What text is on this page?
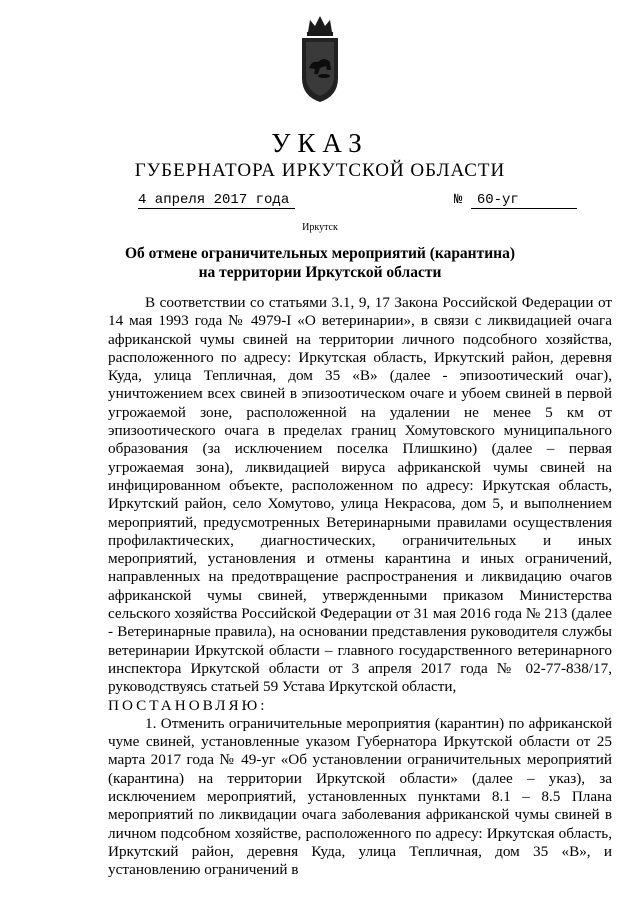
УКАЗ
ГУБЕРНАТОРА ИРКУТСКОЙ ОБЛАСТИ
4 апреля 2017 года	№ 60-уг
Иркутск
Об отмене ограничительных мероприятий (карантина)
на территории Иркутской области

В соответствии со статьями 3.1, 9, 17 Закона Российской Федерации от 14 мая 1993 года № 4979-I «О ветеринарии», в связи с ликвидацией очага африканской чумы свиней на территории личного подсобного хозяйства, расположенного по адресу: Иркутская область, Иркутский район, деревня Куда, улица Тепличная, дом 35 «В» (далее - эпизоотический очаг), уничтожением всех свиней в эпизоотическом очаге и убоем свиней в первой угрожаемой зоне, расположенной на удалении не менее 5 км от эпизоотического очага в пределах границ Хомутовского муниципального образования (за исключением поселка Плишкино) (далее – первая угрожаемая зона), ликвидацией вируса африканской чумы свиней на инфицированном объекте, расположенном по адресу: Иркутская область, Иркутский район, село Хомутово, улица Некрасова, дом 5, и выполнением мероприятий, предусмотренных Ветеринарными правилами осуществления профилактических, диагностических, ограничительных и иных мероприятий, установления и отмены карантина и иных ограничений, направленных на предотвращение распространения и ликвидацию очагов африканской чумы свиней, утвержденными приказом Министерства сельского хозяйства Российской Федерации от 31 мая 2016 года № 213 (далее - Ветеринарные правила), на основании представления руководителя службы ветеринарии Иркутской области – главного государственного ветеринарного инспектора Иркутской области от 3 апреля 2017 года № 02-77-838/17, руководствуясь статьей 59 Устава Иркутской области,

ПОСТАНОВЛЯЮ:

1. Отменить ограничительные мероприятия (карантин) по африканской чуме свиней, установленные указом Губернатора Иркутской области от 25 марта 2017 года № 49-уг «Об установлении ограничительных мероприятий (карантина) на территории Иркутской области» (далее – указ), за исключением мероприятий, установленных пунктами 8.1 – 8.5 Плана мероприятий по ликвидации очага заболевания африканской чумы свиней в личном подсобном хозяйстве, расположенного по адресу: Иркутская область, Иркутский район, деревня Куда, улица Тепличная, дом 35 «В», и установлению ограничений в
